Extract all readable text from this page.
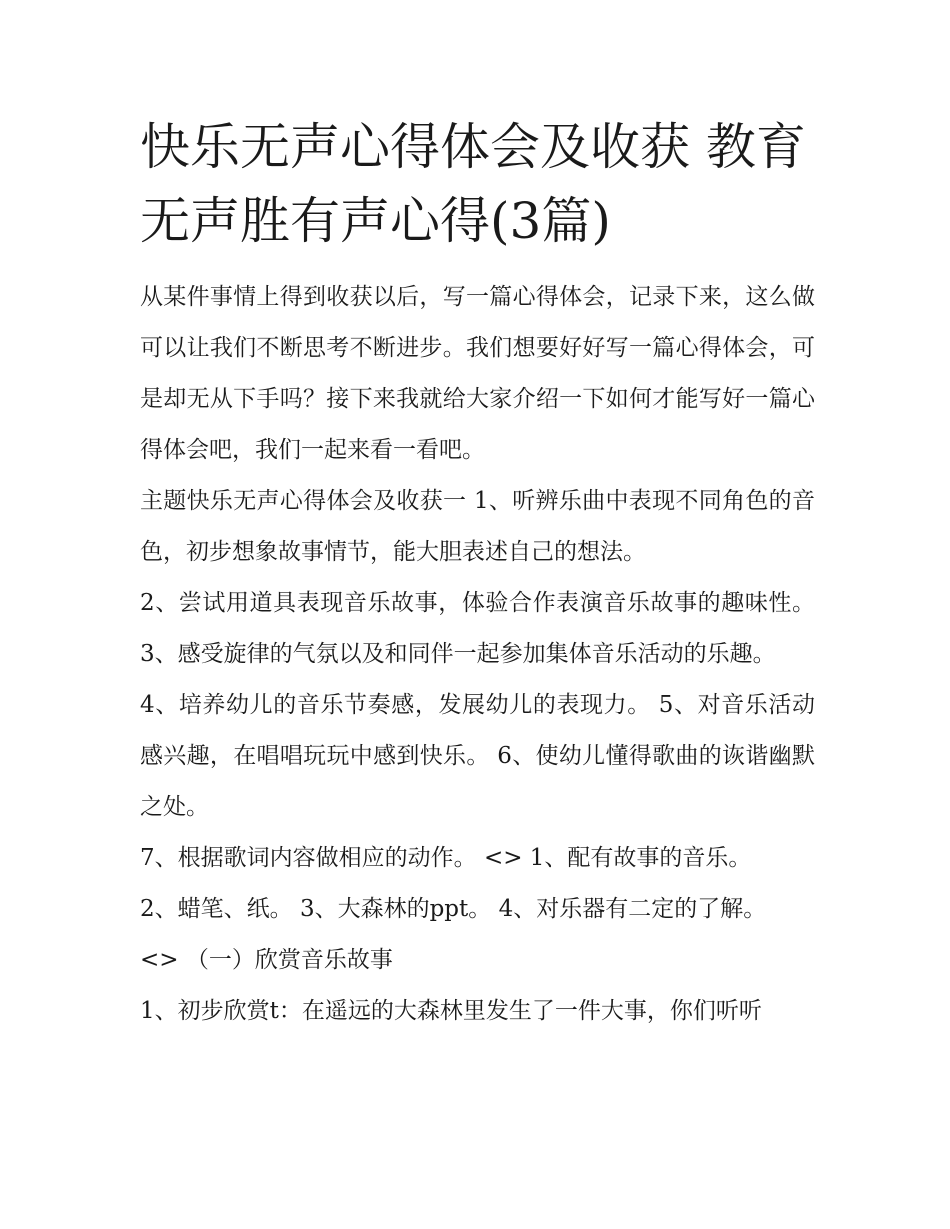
快乐无声心得体会及收获 教育无声胜有声心得(3篇)

从某件事情上得到收获以后，写一篇心得体会，记录下来，这么做可以让我们不断思考不断进步。我们想要好好写一篇心得体会，可是却无从下手吗？接下来我就给大家介绍一下如何才能写好一篇心得体会吧，我们一起来看一看吧。

主题快乐无声心得体会及收获一 1、听辨乐曲中表现不同角色的音色，初步想象故事情节，能大胆表述自己的想法。

2、尝试用道具表现音乐故事，体验合作表演音乐故事的趣味性。 3、感受旋律的气氛以及和同伴一起参加集体音乐活动的乐趣。

4、培养幼儿的音乐节奏感，发展幼儿的表现力。 5、对音乐活动感兴趣，在唱唱玩玩中感到快乐。 6、使幼儿懂得歌曲的诙谐幽默之处。

7、根据歌词内容做相应的动作。 <> 1、配有故事的音乐。

2、蜡笔、纸。 3、大森林的ppt。 4、对乐器有二定的了解。

<> （一）欣赏音乐故事

1、初步欣赏t：在遥远的大森林里发生了一件大事，你们听听
